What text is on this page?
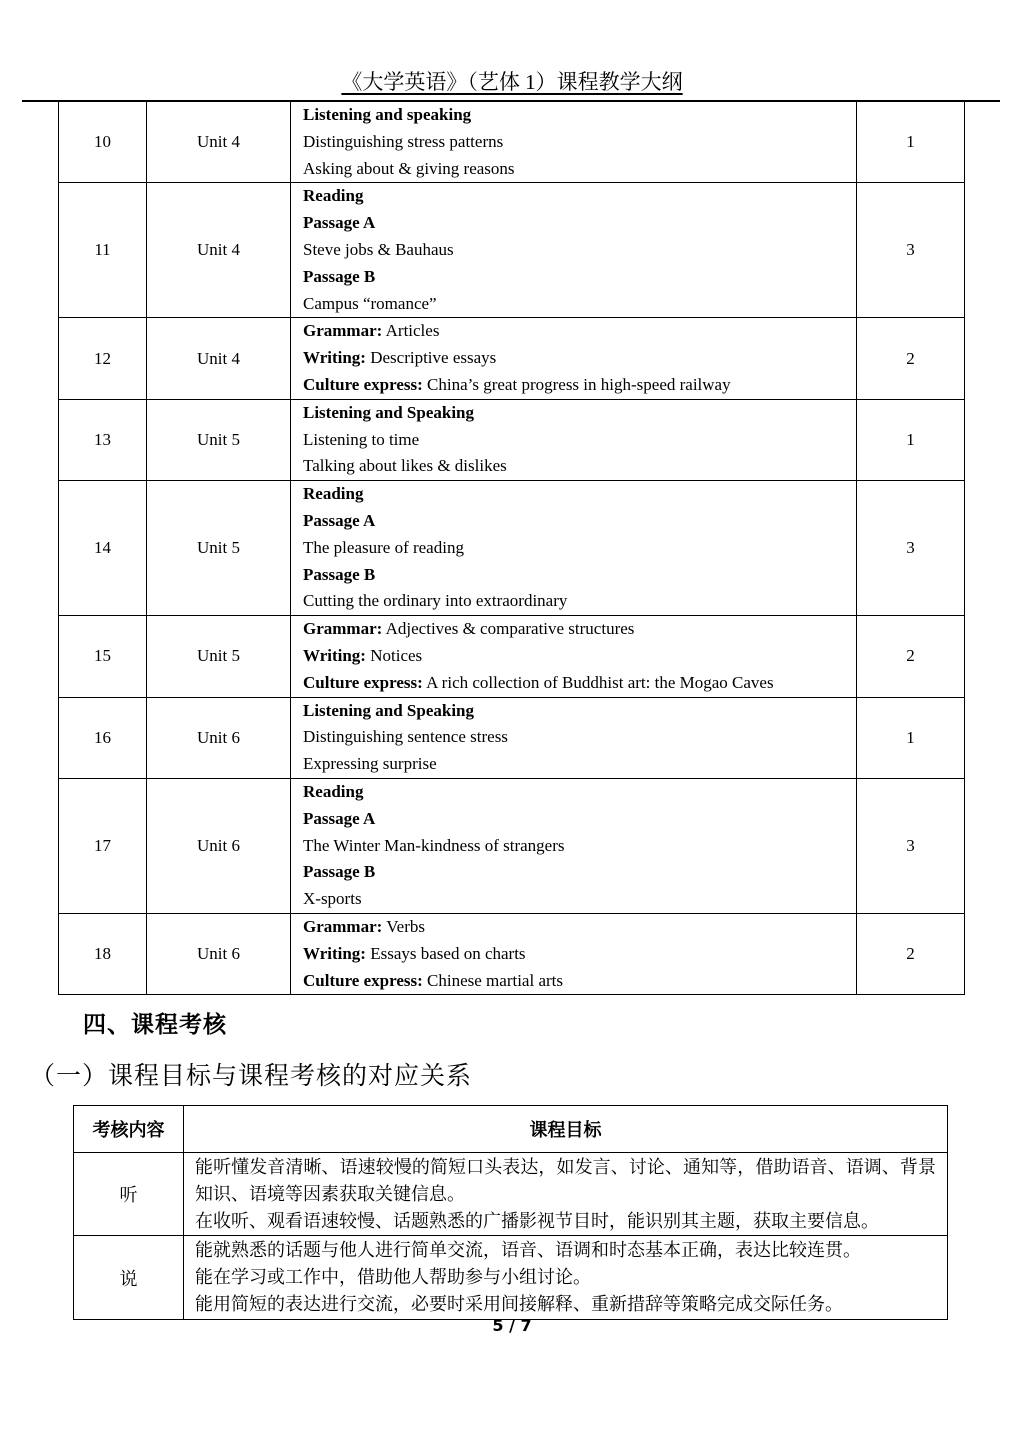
《大学英语》（艺体 1）课程教学大纲
10	Unit 4	Listening and speaking
Distinguishing stress patterns
Asking about & giving reasons	1
11	Unit 4	Reading
Passage A
Steve jobs & Bauhaus
Passage B
Campus “romance”	3
12	Unit 4	Grammar: Articles
Writing: Descriptive essays
Culture express: China’s great progress in high-speed railway	2
13	Unit 5	Listening and Speaking
Listening to time
Talking about likes & dislikes	1
14	Unit 5	Reading
Passage A
The pleasure of reading
Passage B
Cutting the ordinary into extraordinary	3
15	Unit 5	Grammar: Adjectives & comparative structures
Writing: Notices
Culture express: A rich collection of Buddhist art: the Mogao Caves	2
16	Unit 6	Listening and Speaking
Distinguishing sentence stress
Expressing surprise	1
17	Unit 6	Reading
Passage A
The Winter Man-kindness of strangers
Passage B
X-sports	3
18	Unit 6	Grammar: Verbs
Writing: Essays based on charts
Culture express: Chinese martial arts	2
四、课程考核
（一）课程目标与课程考核的对应关系
考核内容	课程目标
听	能听懂发音清晰、语速较慢的简短口头表达，如发言、讨论、通知等，借助语音、语调、背景知识、语境等因素获取关键信息。

在收听、观看语速较慢、话题熟悉的广播影视节目时，能识别其主题，获取主要信息。

说	能就熟悉的话题与他人进行简单交流，语音、语调和时态基本正确，表达比较连贯。

能在学习或工作中，借助他人帮助参与小组讨论。

能用简短的表达进行交流，必要时采用间接解释、重新措辞等策略完成交际任务。

5 / 7
